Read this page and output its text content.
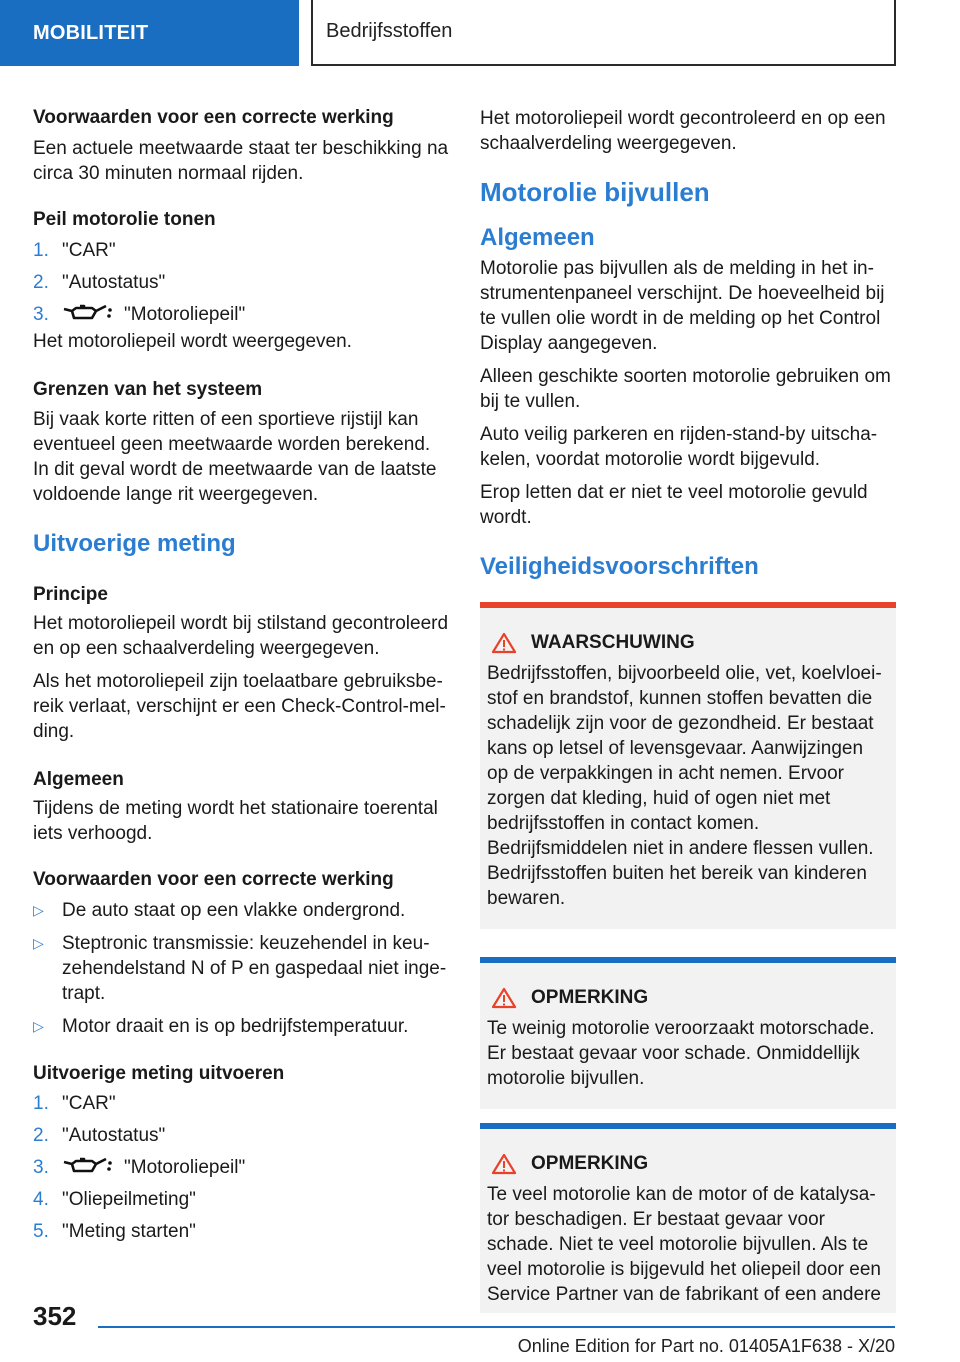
MOBILITEIT	Bedrijfsstoffen
Voorwaarden voor een correcte werking
Een actuele meetwaarde staat ter beschikking na circa 30 minuten normaal rijden.
Peil motorolie tonen
1. "CAR"
2. "Autostatus"
3.	"Motoroliepeil"
Het motoroliepeil wordt weergegeven.
Grenzen van het systeem
Bij vaak korte ritten of een sportieve rijstijl kan eventueel geen meetwaarde worden berekend. In dit geval wordt de meetwaarde van de laatste voldoende lange rit weergegeven.
Uitvoerige meting
Principe
Het motoroliepeil wordt bij stilstand gecontroleerd en op een schaalverdeling weergegeven.
Als het motoroliepeil zijn toelaatbare gebruiksbereik verlaat, verschijnt er een Check-Control-melding.
Algemeen
Tijdens de meting wordt het stationaire toerental iets verhoogd.
Voorwaarden voor een correcte werking
▷ De auto staat op een vlakke ondergrond.
▷ Steptronic transmissie: keuzehendel in keuzehendelstand N of P en gaspedaal niet ingetrapt.
▷ Motor draait en is op bedrijfstemperatuur.
Uitvoerige meting uitvoeren
1. "CAR"
2. "Autostatus"
3.	"Motoroliepeil"
4. "Oliepeilmeting"
5. "Meting starten"
Het motoroliepeil wordt gecontroleerd en op een schaalverdeling weergegeven.
Motorolie bijvullen
Algemeen
Motorolie pas bijvullen als de melding in het instrumentenpaneel verschijnt. De hoeveelheid bij te vullen olie wordt in de melding op het Control Display aangegeven.
Alleen geschikte soorten motorolie gebruiken om bij te vullen.
Auto veilig parkeren en rijden-stand-by uitschakelen, voordat motorolie wordt bijgevuld.
Erop letten dat er niet te veel motorolie gevuld wordt.
Veiligheidsvoorschriften
WAARSCHUWING
Bedrijfsstoffen, bijvoorbeeld olie, vet, koelvloeistof en brandstof, kunnen stoffen bevatten die schadelijk zijn voor de gezondheid. Er bestaat kans op letsel of levensgevaar. Aanwijzingen op de verpakkingen in acht nemen. Ervoor zorgen dat kleding, huid of ogen niet met bedrijfsstoffen in contact komen. Bedrijfsmiddelen niet in andere flessen vullen. Bedrijfsstoffen buiten het bereik van kinderen bewaren.
OPMERKING
Te weinig motorolie veroorzaakt motorschade. Er bestaat gevaar voor schade. Onmiddellijk motorolie bijvullen.
OPMERKING
Te veel motorolie kan de motor of de katalysator beschadigen. Er bestaat gevaar voor schade. Niet te veel motorolie bijvullen. Als te veel motorolie is bijgevuld het oliepeil door een Service Partner van de fabrikant of een andere
352
Online Edition for Part no. 01405A1F638 - X/20
